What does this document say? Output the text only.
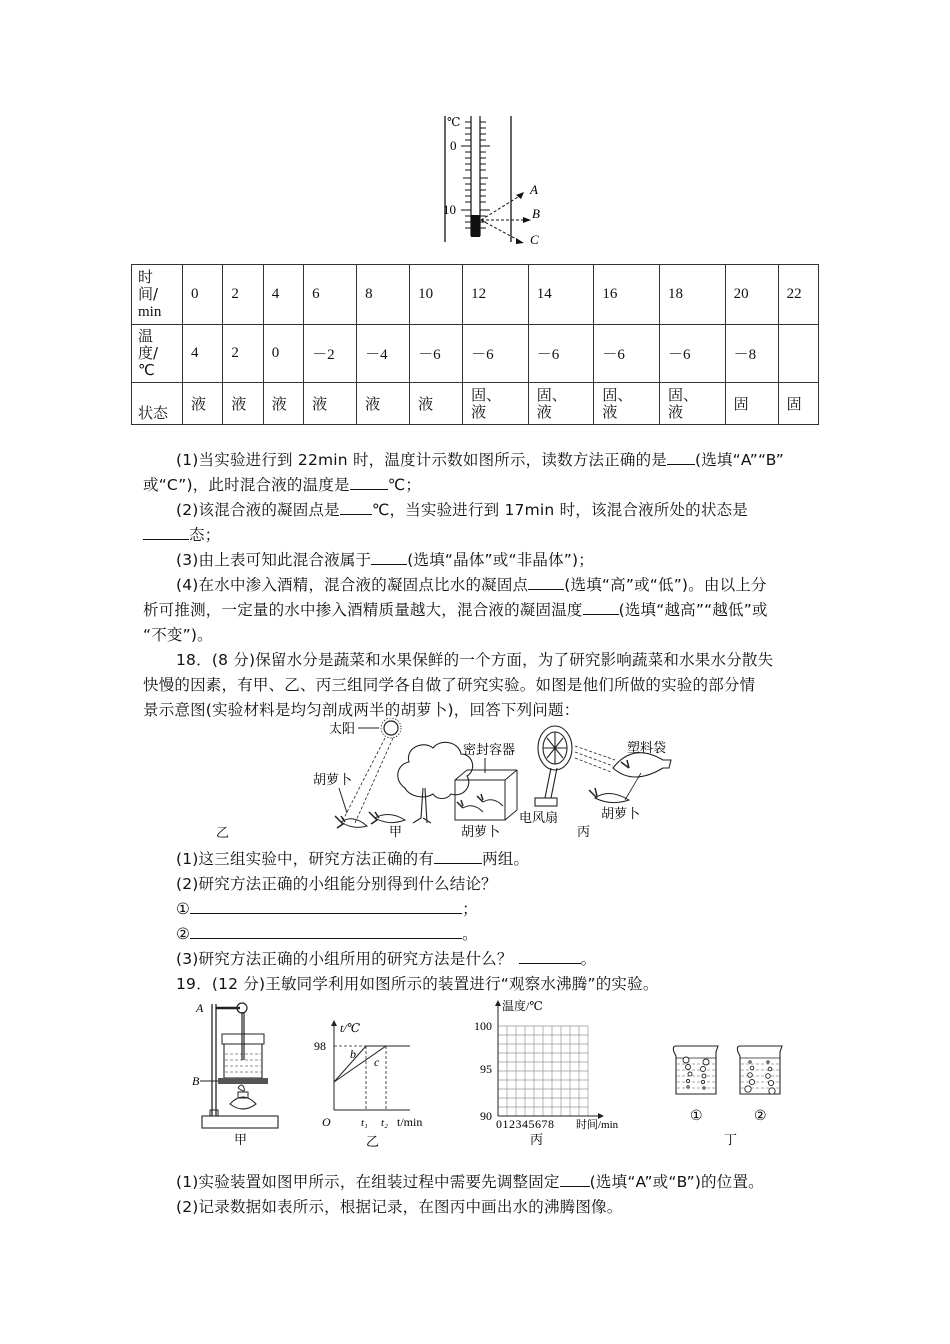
℃
0
10
A
B
C
时
间/
min	0	2	4	6	8	10	12	14	16	18	20	22
温
度/
℃	4	2	0	－2	－4	－6	－6	－6	－6	－6	－8	
状态	液	液	液	液	液	液	固、
液	固、
液	固、
液	固、
液	固	固
(1)当实验进行到 22min 时，温度计示数如图所示，读数方法正确的是 (选填“A”“B”
或“C”)，此时混合液的温度是 ℃；
(2)该混合液的凝固点是 ℃，当实验进行到 17min 时，该混合液所处的状态是
态；
(3)由上表可知此混合液属于 (选填“晶体”或“非晶体”)；
(4)在水中渗入酒精，混合液的凝固点比水的凝固点 (选填“高”或“低”)。由以上分
析可推测，一定量的水中掺入酒精质量越大，混合液的凝固温度 (选填“越高”“越低”或
“不变”)。
18．(8 分)保留水分是蔬菜和水果保鲜的一个方面，为了研究影响蔬菜和水果水分散失
快慢的因素，有甲、乙、丙三组同学各自做了研究实验。如图是他们所做的实验的部分情
景示意图(实验材料是均匀剖成两半的胡萝卜)，回答下列问题：
太阳
胡萝卜
甲
密封容器
胡萝卜
电风扇
塑料袋
胡萝卜
丙
乙
(1)这三组实验中，研究方法正确的有	两组。
(2)研究方法正确的小组能分别得到什么结论？
①	；
②	。
(3)研究方法正确的小组所用的研究方法是什么？	。
19．(12 分)王敏同学利用如图所示的装置进行“观察水沸腾”的实验。
A
B
甲
t/℃
98
b
c
O	t₁ t₂ t/min
乙
温度/℃
100
95
90
012345678 时间/min
丙
①	②
丁
(1)实验装置如图甲所示，在组装过程中需要先调整固定 (选填“A”或“B”)的位置。
(2)记录数据如表所示，根据记录，在图丙中画出水的沸腾图像。
